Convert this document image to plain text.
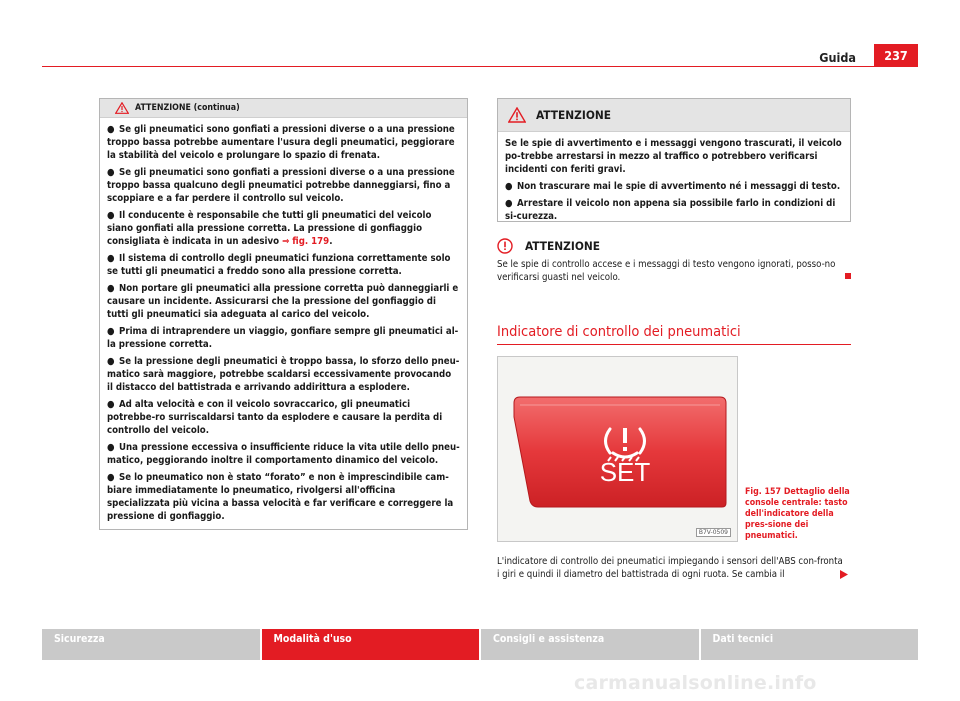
Guida	237
ATTENZIONE (continua)

● Se gli pneumatici sono gonfiati a pressioni diverse o a una pressione troppo bassa potrebbe aumentare l'usura degli pneumatici, peggiorare la stabilità del veicolo e prolungare lo spazio di frenata.

● Se gli pneumatici sono gonfiati a pressioni diverse o a una pressione troppo bassa qualcuno degli pneumatici potrebbe danneggiarsi, fino a scoppiare e a far perdere il controllo sul veicolo.

● Il conducente è responsabile che tutti gli pneumatici del veicolo siano gonfiati alla pressione corretta. La pressione di gonfiaggio consigliata è indicata in un adesivo ⇒ fig. 179.

● Il sistema di controllo degli pneumatici funziona correttamente solo se tutti gli pneumatici a freddo sono alla pressione corretta.

● Non portare gli pneumatici alla pressione corretta può danneggiarli e causare un incidente. Assicurarsi che la pressione del gonfiaggio di tutti gli pneumatici sia adeguata al carico del veicolo.

● Prima di intraprendere un viaggio, gonfiare sempre gli pneumatici al-la pressione corretta.

● Se la pressione degli pneumatici è troppo bassa, lo sforzo dello pneu-matico sarà maggiore, potrebbe scaldarsi eccessivamente provocando il distacco del battistrada e arrivando addirittura a esplodere.

● Ad alta velocità e con il veicolo sovraccarico, gli pneumatici potrebbe-ro surriscaldarsi tanto da esplodere e causare la perdita di controllo del veicolo.

● Una pressione eccessiva o insufficiente riduce la vita utile dello pneu-matico, peggiorando inoltre il comportamento dinamico del veicolo.

● Se lo pneumatico non è stato “forato” e non è imprescindibile cam-biare immediatamente lo pneumatico, rivolgersi all'officina specializzata più vicina a bassa velocità e far verificare e correggere la pressione di gonfiaggio.

ATTENZIONE

Se le spie di avvertimento e i messaggi vengono trascurati, il veicolo po-trebbe arrestarsi in mezzo al traffico o potrebbero verificarsi incidenti con feriti gravi.

● Non trascurare mai le spie di avvertimento né i messaggi di testo.

● Arrestare il veicolo non appena sia possibile farlo in condizioni di si-curezza.

ATTENZIONE
Se le spie di controllo accese e i messaggi di testo vengono ignorati, posso-no verificarsi guasti nel veicolo.
Indicatore di controllo dei pneumatici
SET
B7V-0509
Fig. 157 Dettaglio della console centrale: tasto dell'indicatore della pres-sione dei pneumatici.
L'indicatore di controllo dei pneumatici impiegando i sensori dell'ABS con-fronta i giri e quindi il diametro del battistrada di ogni ruota. Se cambia il
Sicurezza	Modalità d'uso	Consigli e assistenza	Dati tecnici
carmanualsonline.info
